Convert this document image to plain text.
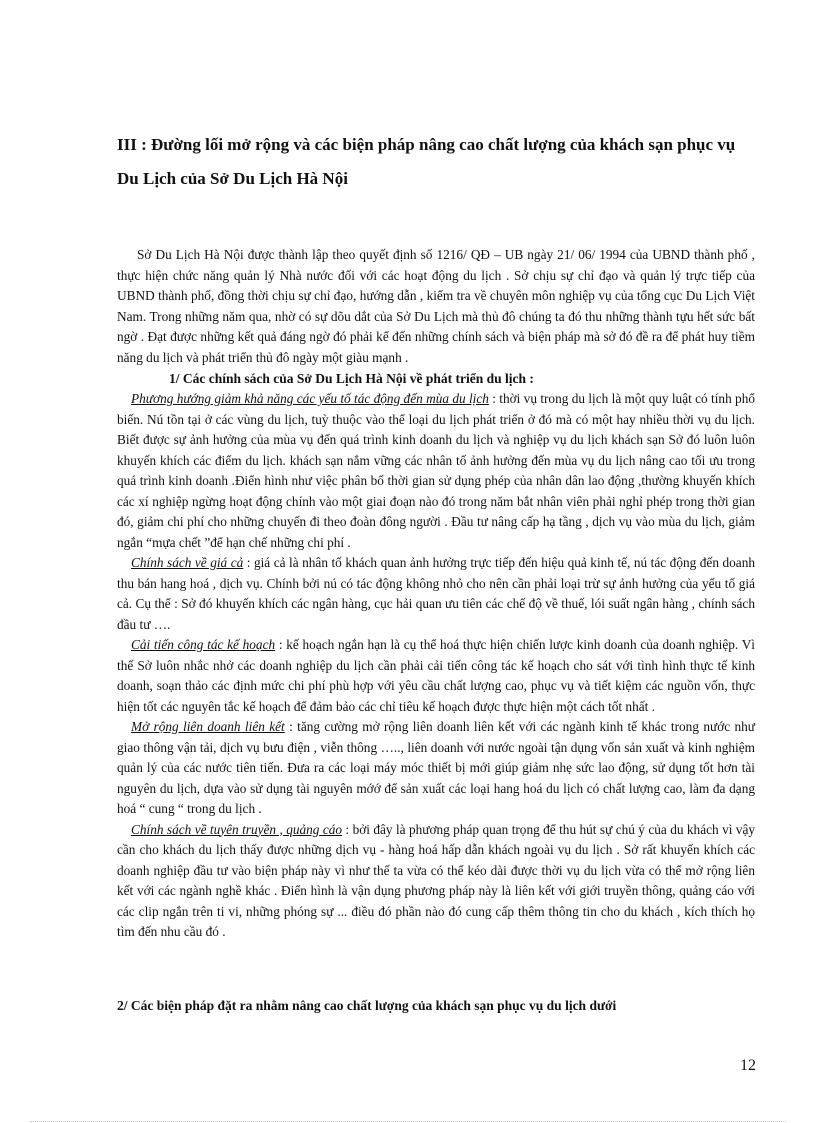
III : Đường lối mở rộng và các biện pháp nâng cao chất lượng của khách sạn phục vụ Du Lịch của Sở Du Lịch Hà Nội

Sở Du Lịch Hà Nội được thành lập theo quyết định số 1216/ QĐ – UB ngày 21/ 06/ 1994 của UBND thành phố , thực hiện chức năng quản lý Nhà nước đối với các hoạt động du lịch . Sở chịu sự chỉ đạo và quản lý trực tiếp của UBND thành phố, đồng thời chịu sự chỉ đạo, hướng dẫn , kiểm tra về chuyên môn nghiệp vụ của tổng cục Du Lịch Việt Nam. Trong những năm qua, nhờ có sự dõu dắt của Sở Du Lịch mà thủ đô chúng ta đó thu những thành tựu hết sức bất ngờ . Đạt được những kết quả đáng ngờ đó phải kể đến những chính sách và biện pháp mà sở đó đề ra để phát huy tiềm năng du lịch và phát triển thủ đô ngày một giàu mạnh .

1/ Các chính sách của Sở Du Lịch Hà Nội về phát triển du lịch :

Phương hướng giảm khả năng các yếu tố tác động đến mùa du lịch : thời vụ trong du lịch là một quy luật có tính phổ biến. Nú tồn tại ở các vùng du lịch, tuỳ thuộc vào thể loại du lịch phát triển ở đó mà có một hay nhiều thời vụ du lịch. Biết được sự ảnh hưởng của mùa vụ đến quá trình kinh doanh du lịch và nghiệp vụ du lịch khách sạn Sở đó luôn luôn khuyến khích các điểm du lịch. khách sạn nắm vững các nhân tố ảnh hưởng đến mùa vụ du lịch nâng cao tối ưu trong quá trình kinh doanh .Điển hình như việc phân bố thời gian sử dụng phép của nhân dân lao động ,thường khuyến khích các xí nghiệp ngừng hoạt động chính vào một giai đoạn nào đó trong năm bắt nhân viên phải nghỉ phép trong thời gian đó, giảm chi phí cho những chuyến đi theo đoàn đông người . Đầu tư nâng cấp hạ tầng , dịch vụ vào mùa du lịch, giảm ngắn “mựa chết ”để hạn chế những chi phí .

Chính sách về giá cả : giá cả là nhân tố khách quan ảnh hưởng trực tiếp đến hiệu quả kinh tế, nú tác động đến doanh thu bán hang hoá , dịch vụ. Chính bởi nú có tác động không nhỏ cho nên cần phải loại trừ sự ảnh hưởng của yếu tố giá cả. Cụ thể : Sở đó khuyến khích các ngân hàng, cục hải quan ưu tiên các chế độ về thuế, lói suất ngân hàng , chính sách đầu tư ….

Cải tiến công tác kế hoạch : kế hoạch ngắn hạn là cụ thể hoá thực hiện chiến lược kinh doanh của doanh nghiệp. Vì thế Sở luôn nhắc nhở các doanh nghiệp du lịch cần phải cải tiến công tác kế hoạch cho sát với tình hình thực tế kinh doanh, soạn thảo các định mức chi phí phù hợp với yêu cầu chất lượng cao, phục vụ và tiết kiệm các nguồn vốn, thực hiện tốt các nguyên tắc kế hoạch để đảm bảo các chỉ tiêu kế hoạch được thực hiện một cách tốt nhất .

Mở rộng liên doanh liên kết : tăng cường mở rộng liên doanh liên kết với các ngành kinh tế khác trong nước như giao thông vận tải, dịch vụ bưu điện , viễn thông ….., liên doanh với nước ngoài tận dụng vốn sản xuất và kinh nghiệm quản lý của các nước tiên tiến. Đưa ra các loại máy móc thiết bị mới giúp giảm nhẹ sức lao động, sử dụng tốt hơn tài nguyên du lịch, dựa vào sử dụng tài nguyên mớớ để sản xuất các loại hang hoá du lịch có chất lượng cao, làm đa dạng hoá “ cung “ trong du lịch .

Chính sách về tuyên truyền , quảng cáo : bởi đây là phương pháp quan trọng để thu hút sự chú ý của du khách vì vậy cần cho khách du lịch thấy được những dịch vụ - hàng hoá hấp dẫn khách ngoài vụ du lịch . Sở rất khuyến khích các doanh nghiệp đầu tư vào biện pháp này vì như thế ta vừa có thể kéo dài được thời vụ du lịch vừa có thể mở rộng liên kết với các ngành nghề khác . Điển hình là vận dụng phương pháp này là liên kết với giới truyền thông, quảng cáo với các clip ngắn trên ti vi, những phóng sự ... điều đó phần nào đó cung cấp thêm thông tin cho du khách , kích thích họ tìm đến nhu cầu đó .

2/ Các biện pháp đặt ra nhằm nâng cao chất lượng của khách sạn phục vụ du lịch dưới
12
